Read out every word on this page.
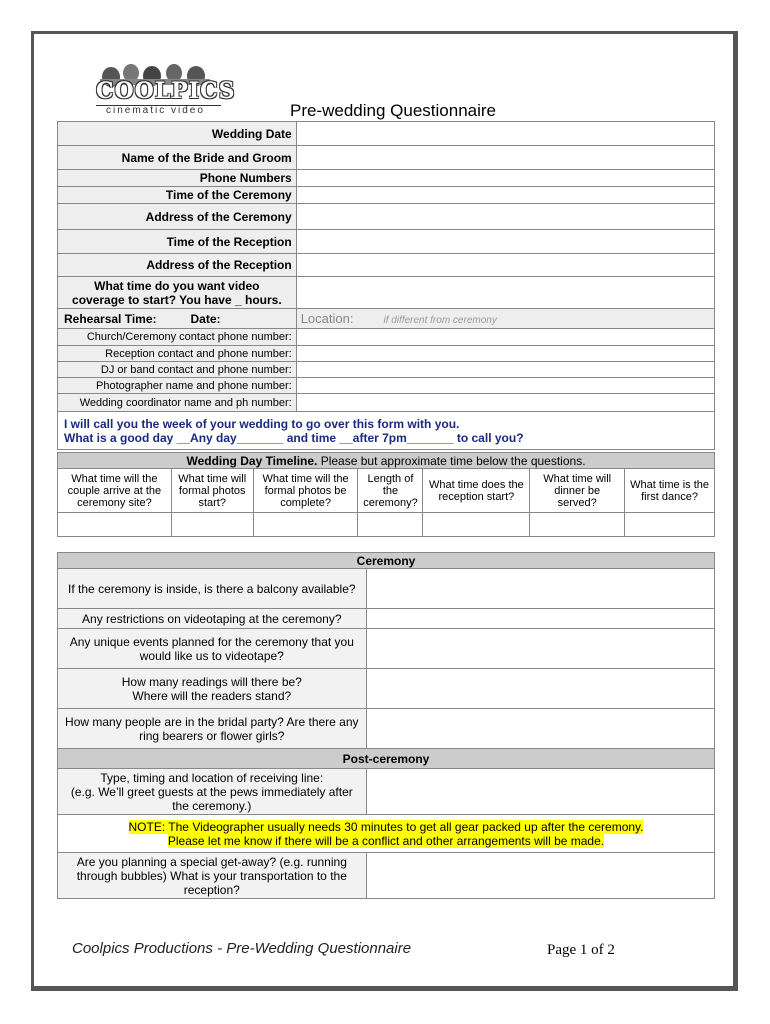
COOLPICS
cinematic video	Pre-wedding Questionnaire
Wedding Date	
Name of the Bride and Groom	
Phone Numbers	
Time of the Ceremony	
Address of the Ceremony	
Time of the Reception	
Address of the Reception	

What time do you want video
coverage to start? You have _ hours.	

Rehearsal Time: Date:	Location: if different from ceremony
Church/Ceremony contact phone number:	
Reception contact and phone number:	
DJ or band contact and phone number:	
Photographer name and phone number:	
Wedding coordinator name and ph number:	

I will call you the week of your wedding to go over this form with you.
What is a good day __Any day_______ and time __after 7pm_______ to call you?	
Wedding Day Timeline. Please but approximate time below the questions.						
What time will the couple arrive at the ceremony site?	What time will formal photos start?	What time will the formal photos be complete?	Length of the ceremony?	What time does the reception start?	What time will dinner be served?	What time is the first dance?

Ceremony	
If the ceremony is inside, is there a balcony available?	
Any restrictions on videotaping at the ceremony?	
Any unique events planned for the ceremony that you would like us to videotape?	

How many readings will there be?
Where will the readers stand?	

How many people are in the bridal party? Are there any ring bearers or flower girls?	
Post-ceremony	

Type, timing and location of receiving line:
(e.g. We’ll greet guests at the pews immediately after the ceremony.)	

NOTE: The Videographer usually needs 30 minutes to get all gear packed up after the ceremony.
Please let me know if there will be a conflict and other arrangements will be made.	

Are you planning a special get-away? (e.g. running through bubbles) What is your transportation to the reception?	
Coolpics Productions - Pre-Wedding Questionnaire	Page 1 of 2
